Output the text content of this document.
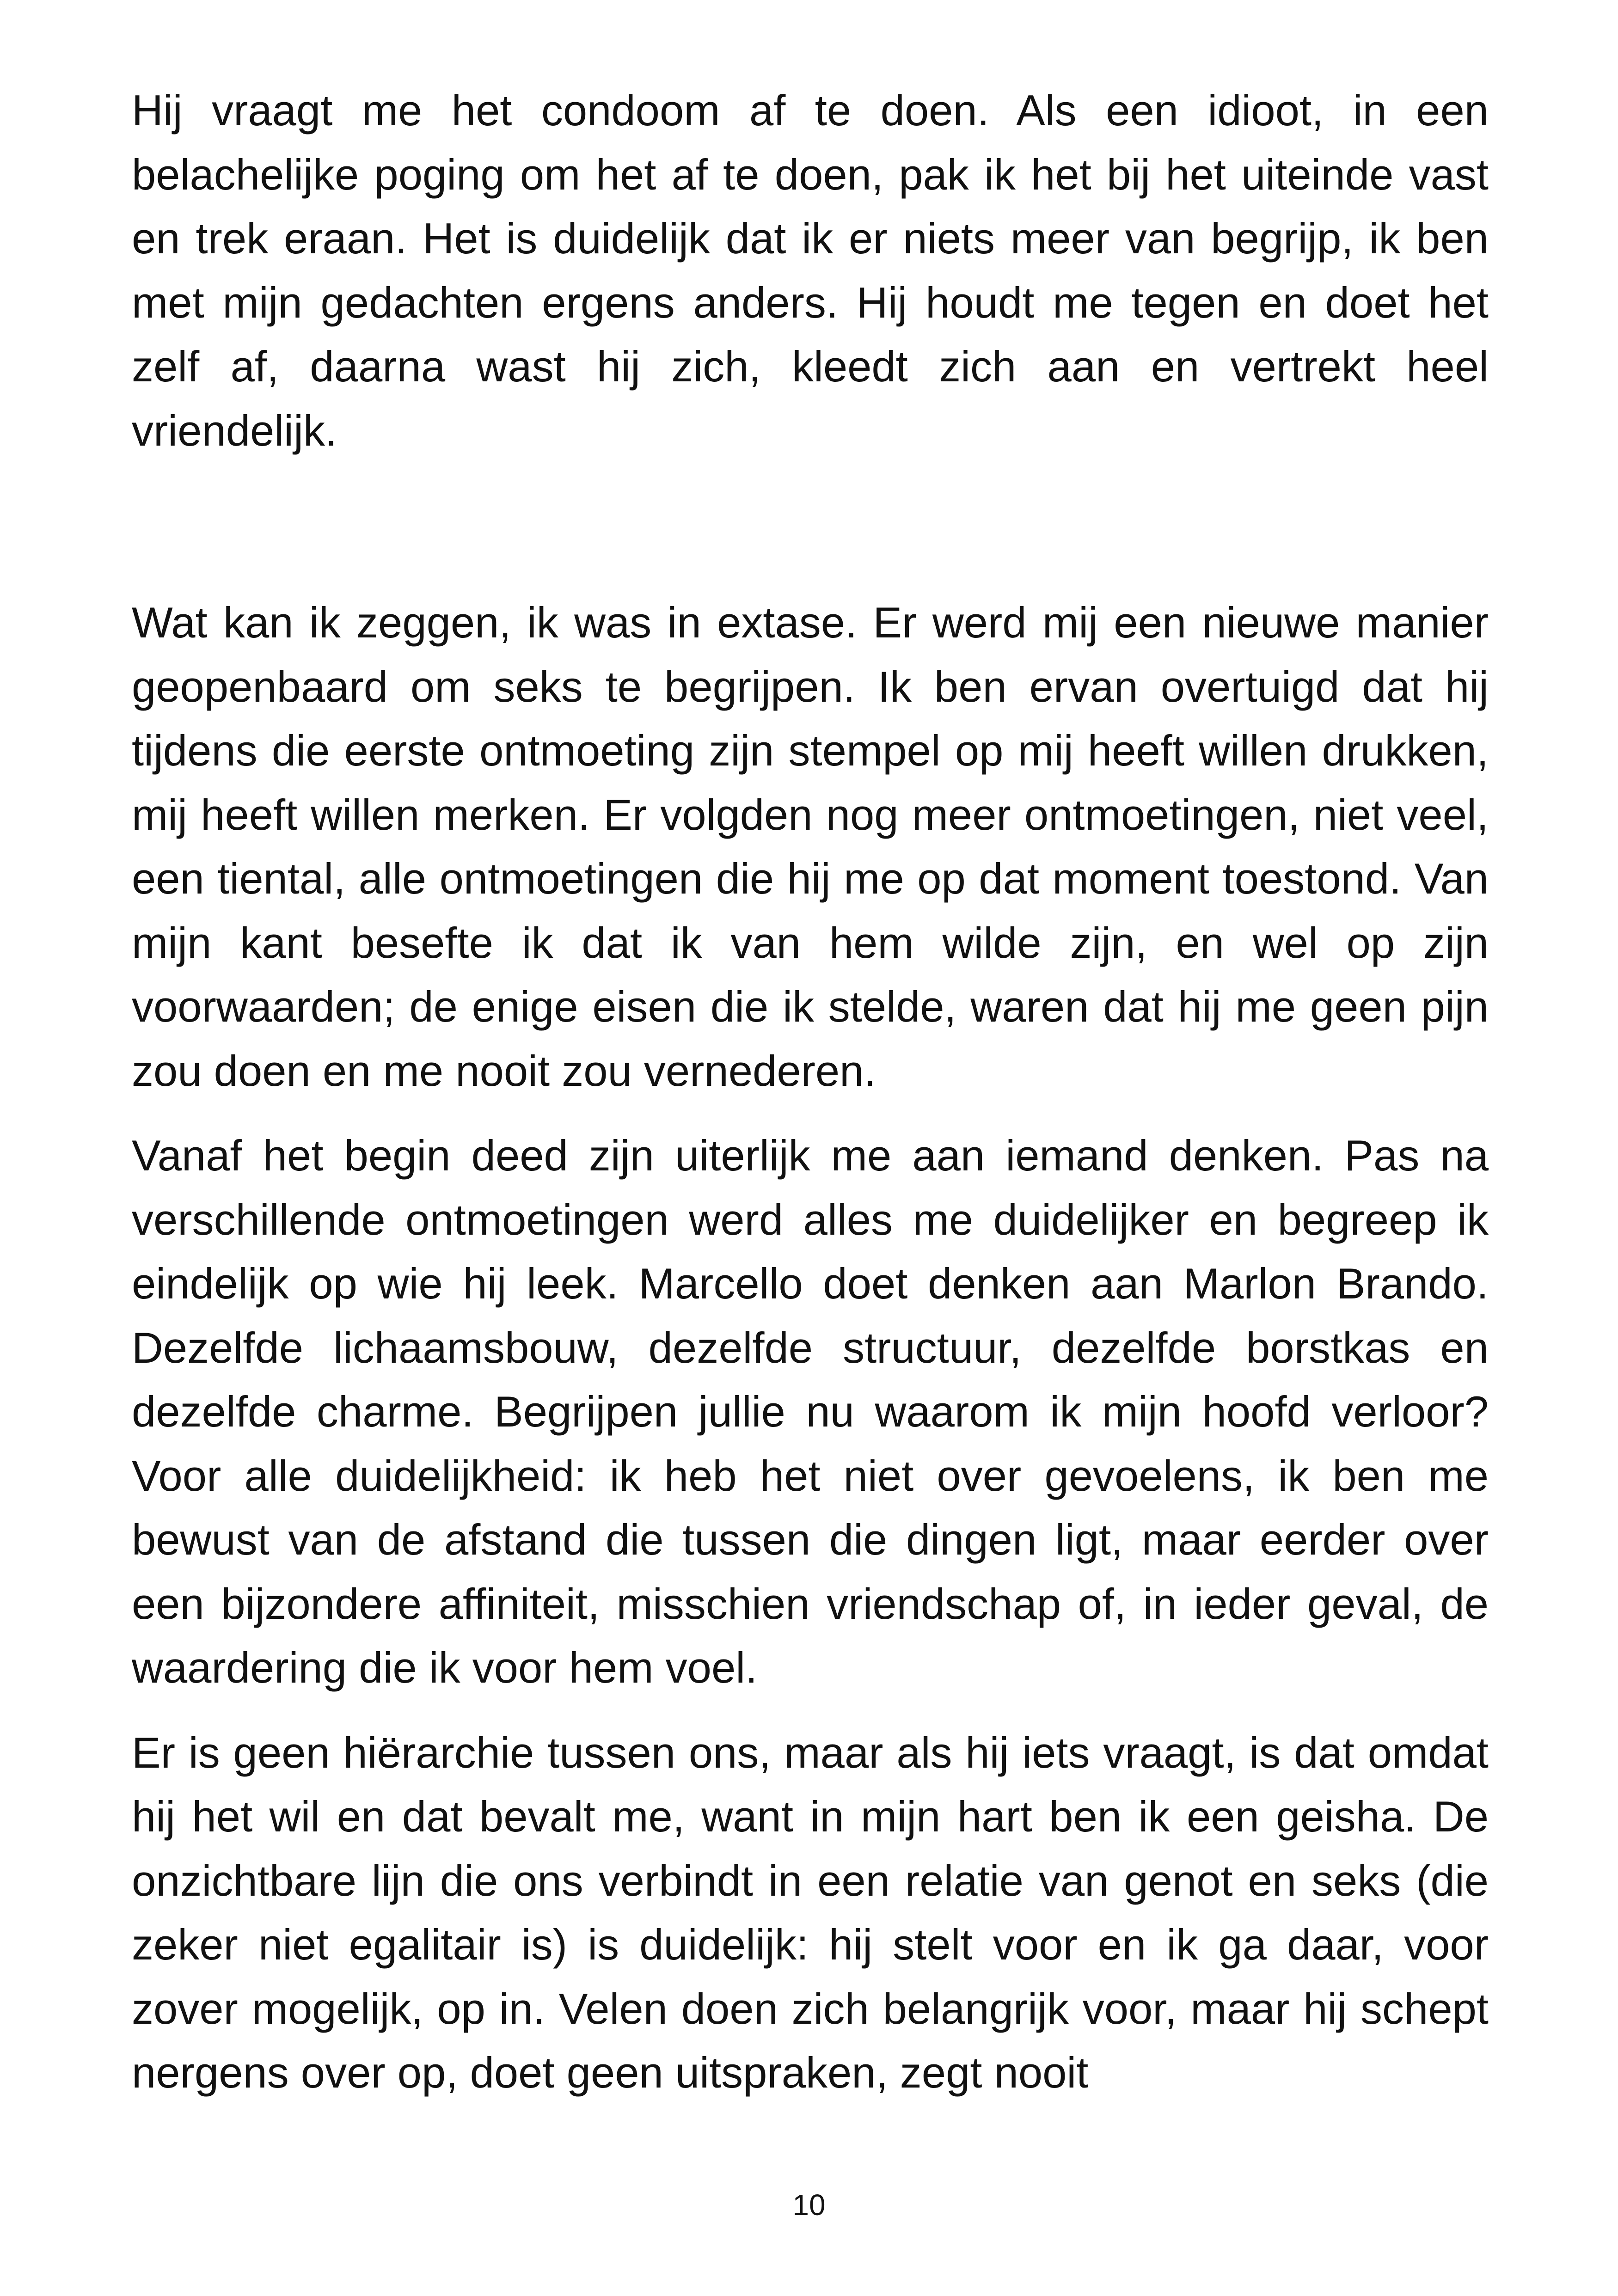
Hij vraagt me het condoom af te doen. Als een idioot, in een belachelijke poging om het af te doen, pak ik het bij het uiteinde vast en trek eraan. Het is duidelijk dat ik er niets meer van begrijp, ik ben met mijn gedachten ergens anders. Hij houdt me tegen en doet het zelf af, daarna wast hij zich, kleedt zich aan en vertrekt heel vriendelijk.

Wat kan ik zeggen, ik was in extase. Er werd mij een nieuwe manier geopenbaard om seks te begrijpen. Ik ben ervan overtuigd dat hij tijdens die eerste ontmoeting zijn stempel op mij heeft willen drukken, mij heeft willen merken. Er volgden nog meer ontmoetingen, niet veel, een tiental, alle ontmoetingen die hij me op dat moment toestond. Van mijn kant besefte ik dat ik van hem wilde zijn, en wel op zijn voorwaarden; de enige eisen die ik stelde, waren dat hij me geen pijn zou doen en me nooit zou vernederen.

Vanaf het begin deed zijn uiterlijk me aan iemand denken. Pas na verschillende ontmoetingen werd alles me duidelijker en begreep ik eindelijk op wie hij leek. Marcello doet denken aan Marlon Brando. Dezelfde lichaamsbouw, dezelfde structuur, dezelfde borstkas en dezelfde charme. Begrijpen jullie nu waarom ik mijn hoofd verloor? Voor alle duidelijkheid: ik heb het niet over gevoelens, ik ben me bewust van de afstand die tussen die dingen ligt, maar eerder over een bijzondere affiniteit, misschien vriendschap of, in ieder geval, de waardering die ik voor hem voel.

Er is geen hiërarchie tussen ons, maar als hij iets vraagt, is dat omdat hij het wil en dat bevalt me, want in mijn hart ben ik een geisha. De onzichtbare lijn die ons verbindt in een relatie van genot en seks (die zeker niet egalitair is) is duidelijk: hij stelt voor en ik ga daar, voor zover mogelijk, op in. Velen doen zich belangrijk voor, maar hij schept nergens over op, doet geen uitspraken, zegt nooit

10
